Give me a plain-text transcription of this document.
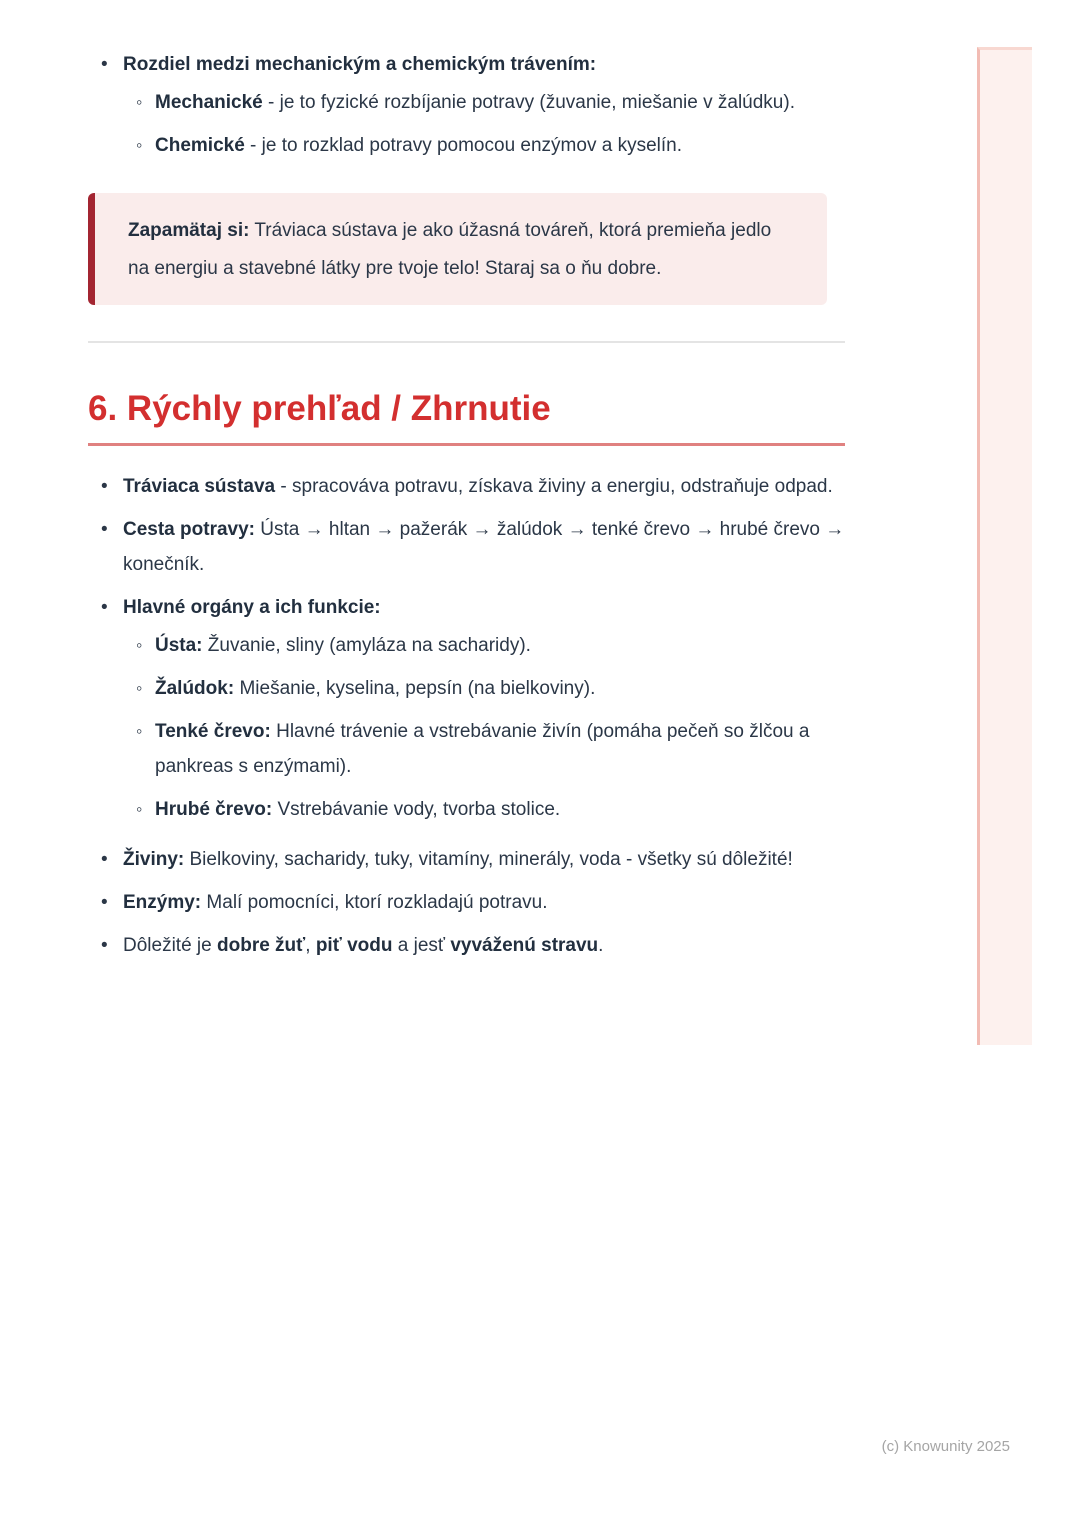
• Rozdiel medzi mechanickým a chemickým trávením:
◦ Mechanické - je to fyzické rozbíjanie potravy (žuvanie, miešanie v žalúdku).
◦ Chemické - je to rozklad potravy pomocou enzýmov a kyselín.
Zapamätaj si: Tráviaca sústava je ako úžasná továreň, ktorá premieňa jedlo na energiu a stavebné látky pre tvoje telo! Staraj sa o ňu dobre.
6. Rýchly prehľad / Zhrnutie
• Tráviaca sústava - spracováva potravu, získava živiny a energiu, odstraňuje odpad.
• Cesta potravy: Ústa → hltan → pažerák → žalúdok → tenké črevo → hrubé črevo → konečník.
• Hlavné orgány a ich funkcie:
◦ Ústa: Žuvanie, sliny (amyláza na sacharidy).
◦ Žalúdok: Miešanie, kyselina, pepsín (na bielkoviny).
◦ Tenké črevo: Hlavné trávenie a vstrebávanie živín (pomáha pečeň so žlčou a pankreas s enzýmami).
◦ Hrubé črevo: Vstrebávanie vody, tvorba stolice.
• Živiny: Bielkoviny, sacharidy, tuky, vitamíny, minerály, voda - všetky sú dôležité!
• Enzýmy: Malí pomocníci, ktorí rozkladajú potravu.
• Dôležité je dobre žuť, piť vodu a jesť vyváženú stravu.
(c) Knowunity 2025
